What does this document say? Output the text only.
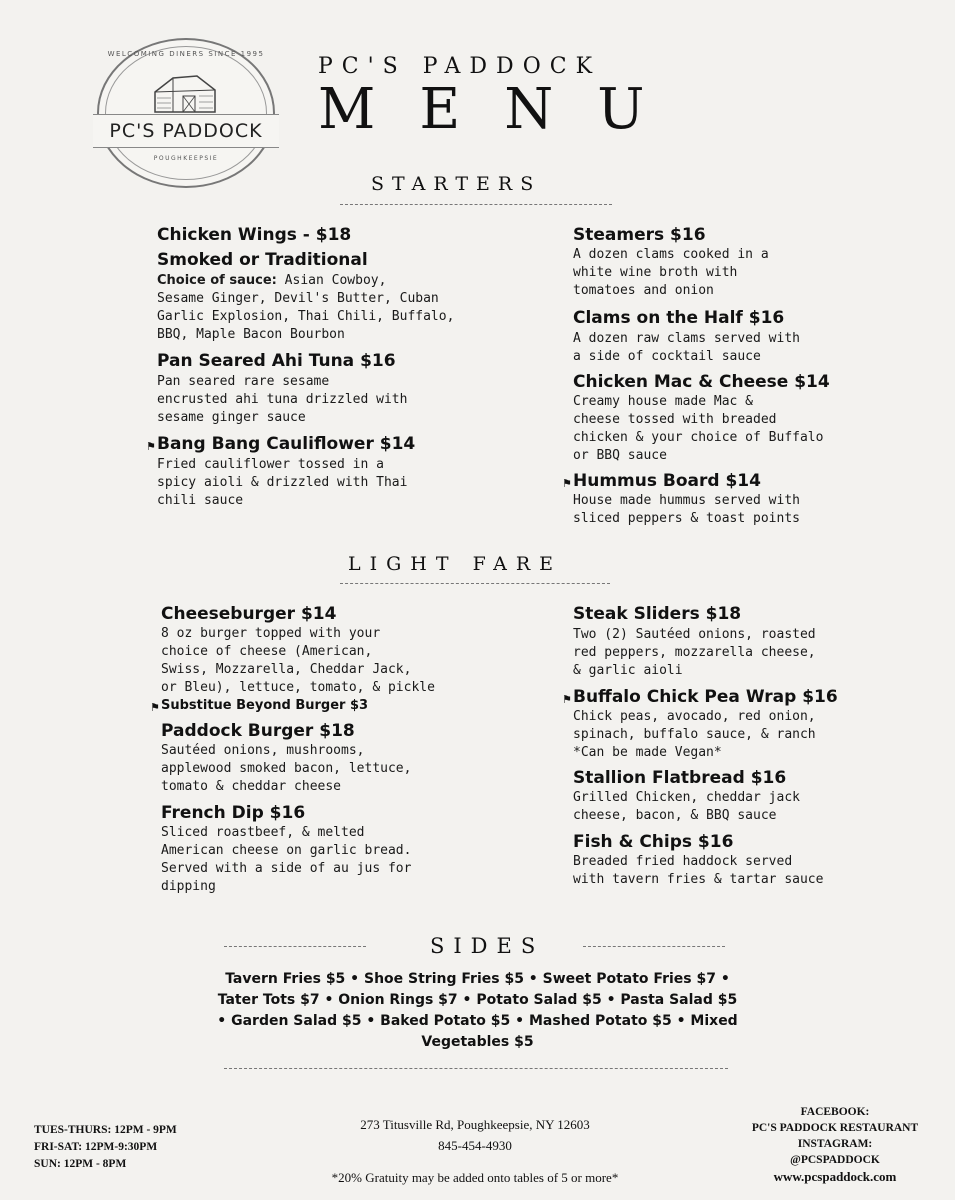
WELCOMING DINERS SINCE 1995
PC'S PADDOCK
POUGHKEEPSIE
PC'S PADDOCK
MENU
STARTERS
Chicken Wings - $18
Smoked or Traditional
Choice of sauce: Asian Cowboy,
Sesame Ginger, Devil's Butter, Cuban
Garlic Explosion, Thai Chili, Buffalo,
BBQ, Maple Bacon Bourbon
Pan Seared Ahi Tuna $16
Pan seared rare sesame
encrusted ahi tuna drizzled with
sesame ginger sauce
⚑ Bang Bang Cauliflower $14
Fried cauliflower tossed in a
spicy aioli & drizzled with Thai
chili sauce
Steamers $16
A dozen clams cooked in a
white wine broth with
tomatoes and onion
Clams on the Half $16
A dozen raw clams served with
a side of cocktail sauce
Chicken Mac & Cheese $14
Creamy house made Mac &
cheese tossed with breaded
chicken & your choice of Buffalo
or BBQ sauce
⚑ Hummus Board $14
House made hummus served with
sliced peppers & toast points
LIGHT FARE
Cheeseburger $14
8 oz burger topped with your
choice of cheese (American,
Swiss, Mozzarella, Cheddar Jack,
or Bleu), lettuce, tomato, & pickle
⚑ Substitue Beyond Burger $3
Paddock Burger $18
Sautéed onions, mushrooms,
applewood smoked bacon, lettuce,
tomato & cheddar cheese
French Dip $16
Sliced roastbeef, & melted
American cheese on garlic bread.
Served with a side of au jus for
dipping
Steak Sliders $18
Two (2) Sautéed onions, roasted
red peppers, mozzarella cheese,
& garlic aioli
⚑ Buffalo Chick Pea Wrap $16
Chick peas, avocado, red onion,
spinach, buffalo sauce, & ranch
*Can be made Vegan*
Stallion Flatbread $16
Grilled Chicken, cheddar jack
cheese, bacon, & BBQ sauce
Fish & Chips $16
Breaded fried haddock served
with tavern fries & tartar sauce
SIDES
Tavern Fries $5 • Shoe String Fries $5 • Sweet Potato Fries $7 •
Tater Tots $7 • Onion Rings $7 • Potato Salad $5 • Pasta Salad $5
• Garden Salad $5 • Baked Potato $5 • Mashed Potato $5 • Mixed
Vegetables $5
TUES-THURS: 12PM - 9PM
FRI-SAT: 12PM-9:30PM
SUN: 12PM - 8PM
273 Titusville Rd, Poughkeepsie, NY 12603
845-454-4930
*20% Gratuity may be added onto tables of 5 or more*
FACEBOOK:
PC'S PADDOCK RESTAURANT
INSTAGRAM:
@PCSPADDOCK
www.pcspaddock.com
